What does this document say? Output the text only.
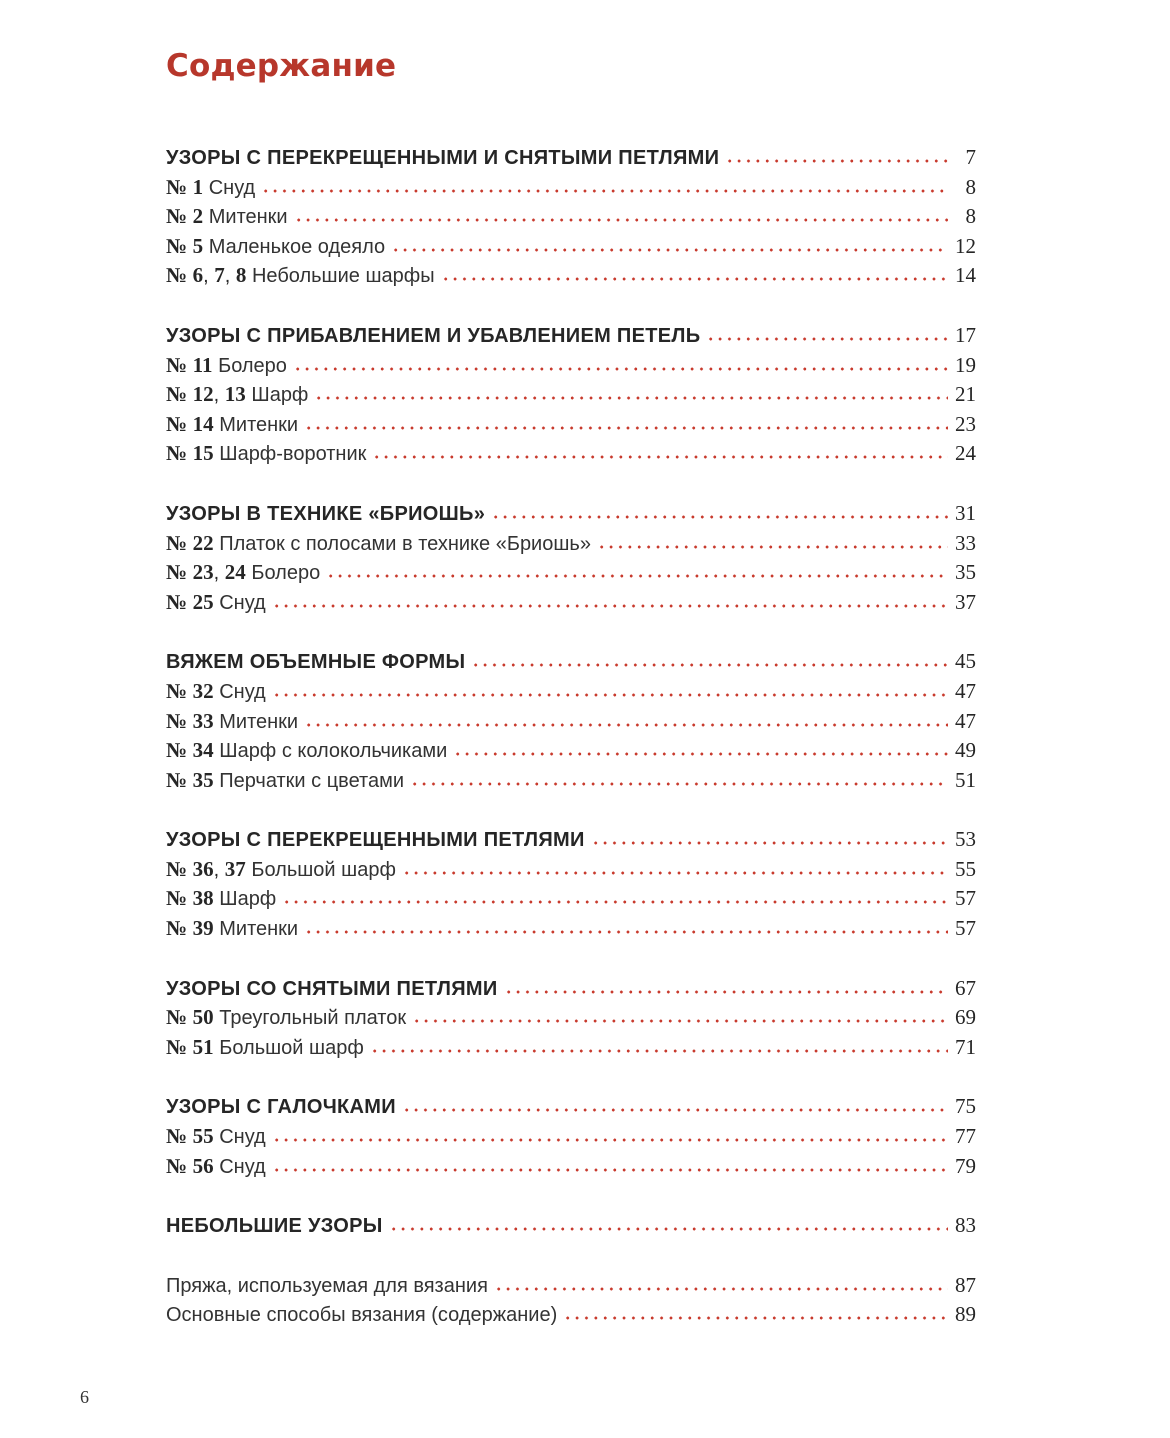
Содержание
УЗОРЫ С ПЕРЕКРЕЩЕННЫМИ И СНЯТЫМИ ПЕТЛЯМИ	7
№ 1 Снуд	8
№ 2 Митенки	8
№ 5 Маленькое одеяло	12
№ 6, 7, 8 Небольшие шарфы	14
УЗОРЫ С ПРИБАВЛЕНИЕМ И УБАВЛЕНИЕМ ПЕТЕЛЬ	17
№ 11 Болеро	19
№ 12, 13 Шарф	21
№ 14 Митенки	23
№ 15 Шарф-воротник	24
УЗОРЫ В ТЕХНИКЕ «БРИОШЬ»	31
№ 22 Платок с полосами в технике «Бриошь»	33
№ 23, 24 Болеро	35
№ 25 Снуд	37
ВЯЖЕМ ОБЪЕМНЫЕ ФОРМЫ	45
№ 32 Снуд	47
№ 33 Митенки	47
№ 34 Шарф с колокольчиками	49
№ 35 Перчатки с цветами	51
УЗОРЫ С ПЕРЕКРЕЩЕННЫМИ ПЕТЛЯМИ	53
№ 36, 37 Большой шарф	55
№ 38 Шарф	57
№ 39 Митенки	57
УЗОРЫ СО СНЯТЫМИ ПЕТЛЯМИ	67
№ 50 Треугольный платок	69
№ 51 Большой шарф	71
УЗОРЫ С ГАЛОЧКАМИ	75
№ 55 Снуд	77
№ 56 Снуд	79
НЕБОЛЬШИЕ УЗОРЫ	83
Пряжа, используемая для вязания	87
Основные способы вязания (содержание)	89
6
